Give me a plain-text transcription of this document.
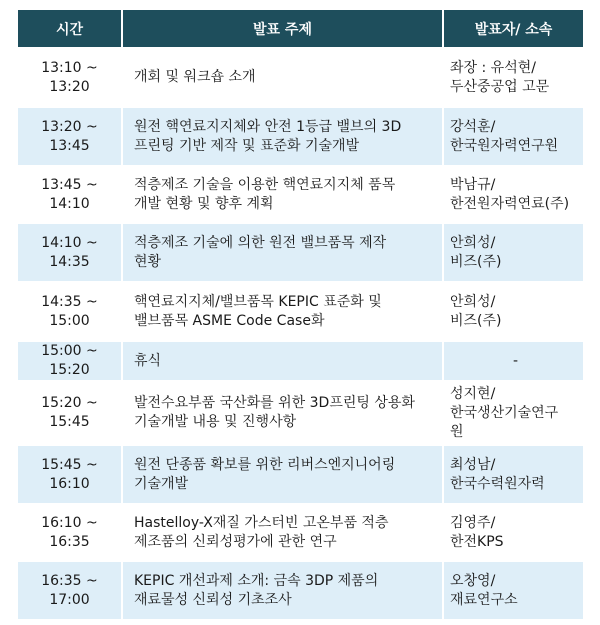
시간	발표 주제	발표자/ 소속

13:10 ~
13:20	개회 및 워크숍 소개	좌장 : 유석현/
두산중공업 고문

13:20 ~
13:45	원전 핵연료지지체와 안전 1등급 밸브의 3D
프린팅 기반 제작 및 표준화 기술개발	강석훈/
한국원자력연구원

13:45 ~
14:10	적층제조 기술을 이용한 핵연료지지체 품목
개발 현황 및 향후 계획	박남규/
한전원자력연료(주)

14:10 ~
14:35	적층제조 기술에 의한 원전 밸브품목 제작
현황	안희성/
비즈(주)

14:35 ~
15:00	핵연료지지체/밸브품목 KEPIC 표준화 및
밸브품목 ASME Code Case화	안희성/
비즈(주)

15:00 ~
15:20	휴식	-

15:20 ~
15:45	발전수요부품 국산화를 위한 3D프린팅 상용화
기술개발 내용 및 진행사항	성지현/
한국생산기술연구
원

15:45 ~
16:10	원전 단종품 확보를 위한 리버스엔지니어링
기술개발	최성남/
한국수력원자력

16:10 ~
16:35	Hastelloy-X재질 가스터빈 고온부품 적층
제조품의 신뢰성평가에 관한 연구	김영주/
한전KPS

16:35 ~
17:00	KEPIC 개선과제 소개: 금속 3DP 제품의
재료물성 신뢰성 기초조사	오창영/
재료연구소
